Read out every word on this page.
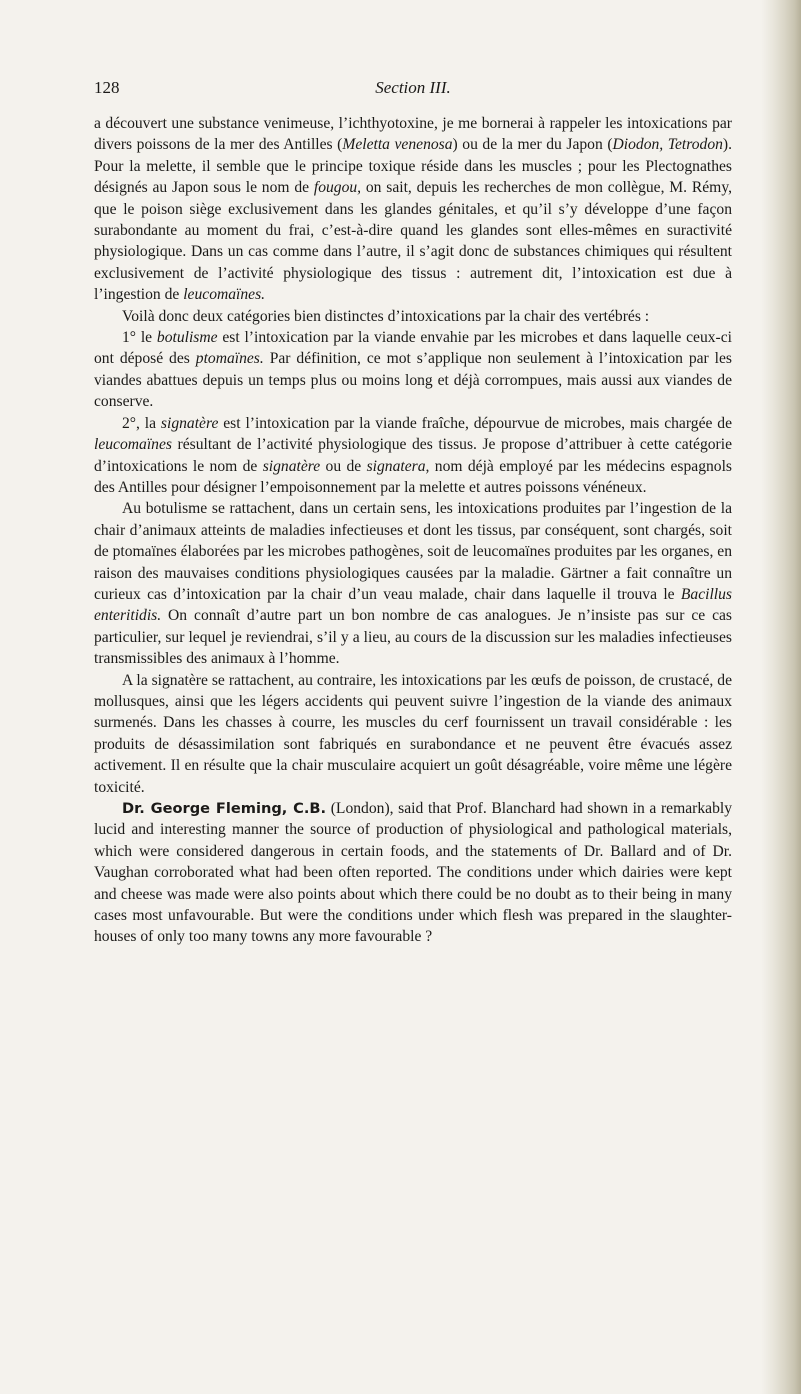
128	Section III.

a découvert une substance venimeuse, l’ichthyotoxine, je me bornerai à rappeler les intoxications par divers poissons de la mer des Antilles (Meletta venenosa) ou de la mer du Japon (Diodon, Tetrodon). Pour la melette, il semble que le principe toxique réside dans les muscles ; pour les Plectognathes désignés au Japon sous le nom de fougou, on sait, depuis les recherches de mon collègue, M. Rémy, que le poison siège exclusivement dans les glandes génitales, et qu’il s’y développe d’une façon surabondante au moment du frai, c’est-à-dire quand les glandes sont elles-mêmes en suractivité physiologique. Dans un cas comme dans l’autre, il s’agit donc de substances chimiques qui résultent exclusivement de l’activité physiologique des tissus : autrement dit, l’intoxication est due à l’ingestion de leucomaïnes.

Voilà donc deux catégories bien distinctes d’intoxications par la chair des vertébrés :

1° le botulisme est l’intoxication par la viande envahie par les microbes et dans laquelle ceux-ci ont déposé des ptomaïnes. Par définition, ce mot s’applique non seulement à l’intoxication par les viandes abattues depuis un temps plus ou moins long et déjà corrompues, mais aussi aux viandes de conserve.

2°, la signatère est l’intoxication par la viande fraîche, dépourvue de microbes, mais chargée de leucomaïnes résultant de l’activité physiologique des tissus. Je propose d’attribuer à cette catégorie d’intoxications le nom de signatère ou de signatera, nom déjà employé par les médecins espagnols des Antilles pour désigner l’empoisonnement par la melette et autres poissons vénéneux.

Au botulisme se rattachent, dans un certain sens, les intoxications produites par l’ingestion de la chair d’animaux atteints de maladies infectieuses et dont les tissus, par conséquent, sont chargés, soit de ptomaïnes élaborées par les microbes pathogènes, soit de leucomaïnes produites par les organes, en raison des mauvaises conditions physiologiques causées par la maladie. Gärtner a fait connaître un curieux cas d’intoxication par la chair d’un veau malade, chair dans laquelle il trouva le Bacillus enteritidis. On connaît d’autre part un bon nombre de cas analogues. Je n’insiste pas sur ce cas particulier, sur lequel je reviendrai, s’il y a lieu, au cours de la discussion sur les maladies infectieuses transmissibles des animaux à l’homme.

A la signatère se rattachent, au contraire, les intoxications par les œufs de poisson, de crustacé, de mollusques, ainsi que les légers accidents qui peuvent suivre l’ingestion de la viande des animaux surmenés. Dans les chasses à courre, les muscles du cerf fournissent un travail considérable : les produits de désassimilation sont fabriqués en surabondance et ne peuvent être évacués assez activement. Il en résulte que la chair musculaire acquiert un goût désagréable, voire même une légère toxicité.

Dr. George Fleming, C.B. (London), said that Prof. Blanchard had shown in a remarkably lucid and interesting manner the source of production of physiological and pathological materials, which were considered dangerous in certain foods, and the statements of Dr. Ballard and of Dr. Vaughan corroborated what had been often reported. The conditions under which dairies were kept and cheese was made were also points about which there could be no doubt as to their being in many cases most unfavourable. But were the conditions under which flesh was prepared in the slaughter-houses of only too many towns any more favourable ?
